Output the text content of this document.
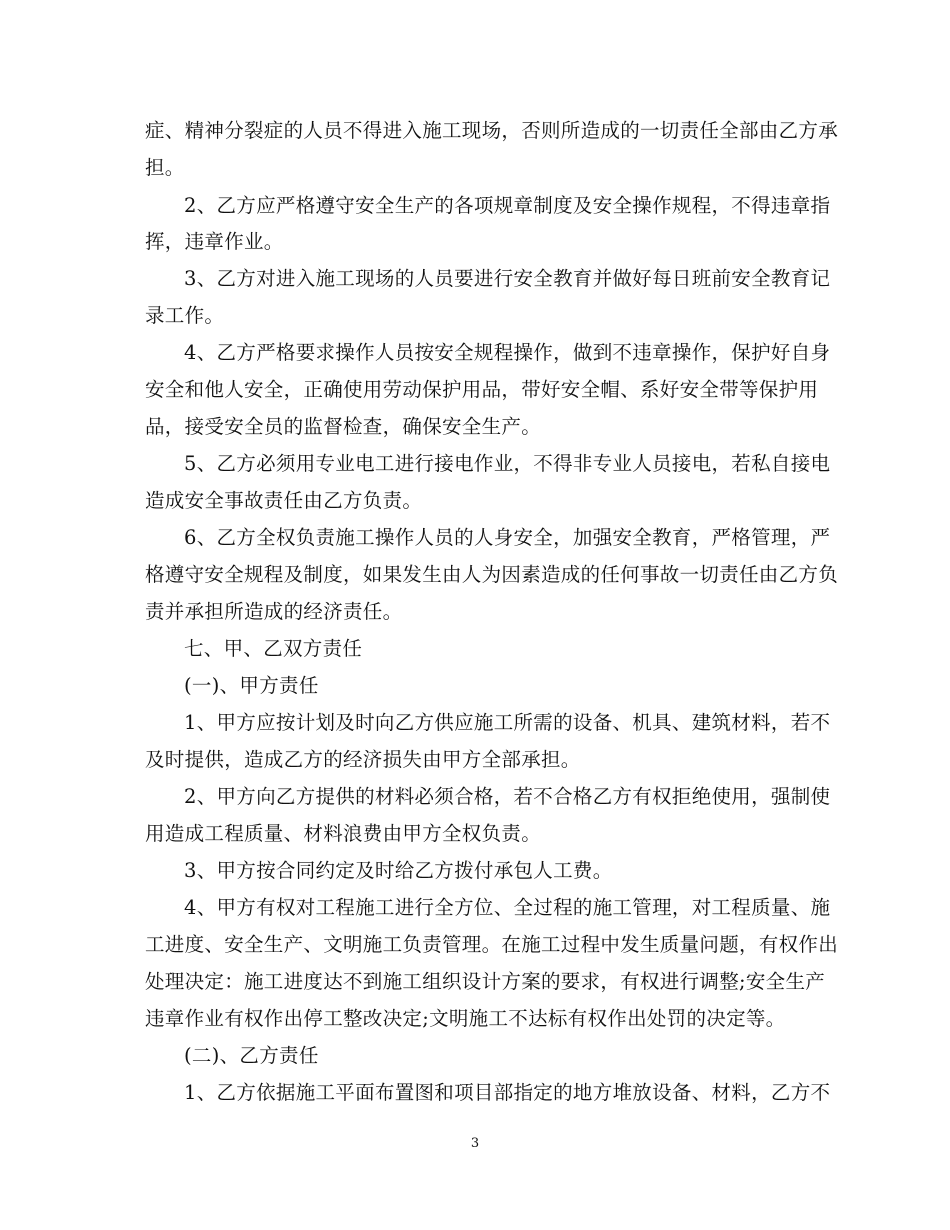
症、精神分裂症的人员不得进入施工现场，否则所造成的一切责任全部由乙方承
担。
2、乙方应严格遵守安全生产的各项规章制度及安全操作规程，不得违章指
挥，违章作业。
3、乙方对进入施工现场的人员要进行安全教育并做好每日班前安全教育记
录工作。
4、乙方严格要求操作人员按安全规程操作，做到不违章操作，保护好自身
安全和他人安全，正确使用劳动保护用品，带好安全帽、系好安全带等保护用
品，接受安全员的监督检查，确保安全生产。
5、乙方必须用专业电工进行接电作业，不得非专业人员接电，若私自接电
造成安全事故责任由乙方负责。
6、乙方全权负责施工操作人员的人身安全，加强安全教育，严格管理，严
格遵守安全规程及制度，如果发生由人为因素造成的任何事故一切责任由乙方负
责并承担所造成的经济责任。
七、甲、乙双方责任
(一)、甲方责任
1、甲方应按计划及时向乙方供应施工所需的设备、机具、建筑材料，若不
及时提供，造成乙方的经济损失由甲方全部承担。
2、甲方向乙方提供的材料必须合格，若不合格乙方有权拒绝使用，强制使
用造成工程质量、材料浪费由甲方全权负责。
3、甲方按合同约定及时给乙方拨付承包人工费。
4、甲方有权对工程施工进行全方位、全过程的施工管理，对工程质量、施
工进度、安全生产、文明施工负责管理。在施工过程中发生质量问题，有权作出
处理决定：施工进度达不到施工组织设计方案的要求，有权进行调整;安全生产
违章作业有权作出停工整改决定;文明施工不达标有权作出处罚的决定等。
(二)、乙方责任
1、乙方依据施工平面布置图和项目部指定的地方堆放设备、材料，乙方不
3
